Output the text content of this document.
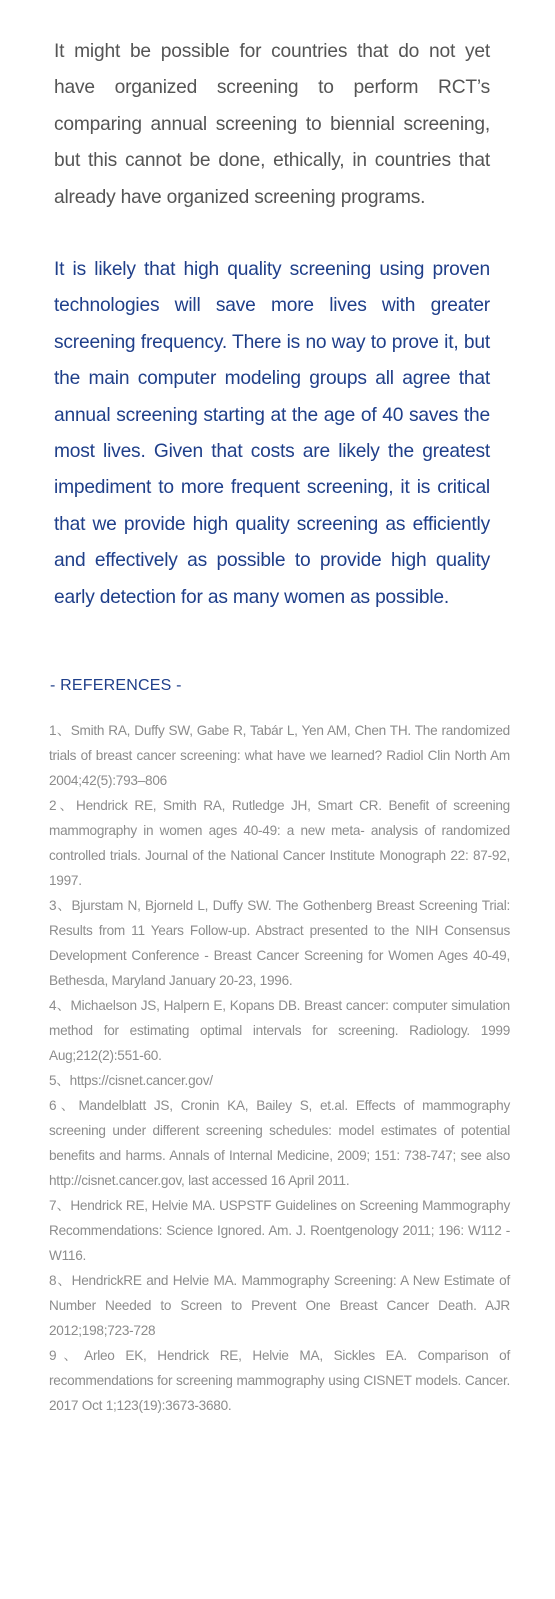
It might be possible for countries that do not yet have organized screening to perform RCT’s comparing annual screening to biennial screening, but this cannot be done, ethically, in countries that already have organized screening programs.

It is likely that high quality screening using proven technologies will save more lives with greater screening frequency. There is no way to prove it, but the main computer modeling groups all agree that annual screening starting at the age of 40 saves the most lives. Given that costs are likely the greatest impediment to more frequent screening, it is critical that we provide high quality screening as efficiently and effectively as possible to provide high quality early detection for as many women as possible.

- REFERENCES -
1、Smith RA, Duffy SW, Gabe R, Tabár L, Yen AM, Chen TH. The randomized trials of breast cancer screening: what have we learned? Radiol Clin North Am 2004;42(5):793–806
2、Hendrick RE, Smith RA, Rutledge JH, Smart CR. Benefit of screening mammography in women ages 40-49: a new meta- analysis of randomized controlled trials. Journal of the National Cancer Institute Monograph 22: 87-92, 1997.
3、Bjurstam N, Bjorneld L, Duffy SW. The Gothenberg Breast Screening Trial: Results from 11 Years Follow-up. Abstract presented to the NIH Consensus Development Conference - Breast Cancer Screening for Women Ages 40-49, Bethesda, Maryland January 20-23, 1996.
4、Michaelson JS, Halpern E, Kopans DB. Breast cancer: computer simulation method for estimating optimal intervals for screening. Radiology. 1999 Aug;212(2):551-60.
5、https://cisnet.cancer.gov/
6、Mandelblatt JS, Cronin KA, Bailey S, et.al. Effects of mammography screening under different screening schedules: model estimates of potential benefits and harms. Annals of Internal Medicine, 2009; 151: 738-747; see also http://cisnet.cancer.gov, last accessed 16 April 2011.
7、Hendrick RE, Helvie MA. USPSTF Guidelines on Screening Mammography Recommendations: Science Ignored. Am. J. Roentgenology 2011; 196: W112 - W116.
8、HendrickRE and Helvie MA. Mammography Screening: A New Estimate of Number Needed to Screen to Prevent One Breast Cancer Death. AJR 2012;198;723-728
9、Arleo EK, Hendrick RE, Helvie MA, Sickles EA. Comparison of recommendations for screening mammography using CISNET models. Cancer. 2017 Oct 1;123(19):3673-3680.
